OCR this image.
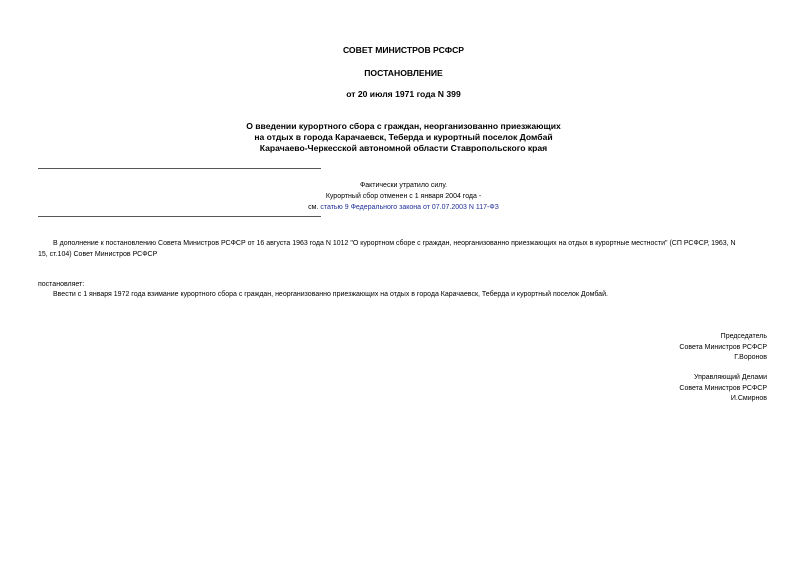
СОВЕТ МИНИСТРОВ РСФСР
ПОСТАНОВЛЕНИЕ
от 20 июля 1971 года N 399
О введении курортного сбора с граждан, неорганизованно приезжающих
на отдых в города Карачаевск, Теберда и курортный поселок Домбай
Карачаево-Черкесской автономной области Ставропольского края
Фактически утратило силу.
Курортный сбор отменен с 1 января 2004 года -
см. статью 9 Федерального закона от 07.07.2003 N 117-ФЗ
В дополнение к постановлению Совета Министров РСФСР от 16 августа 1963 года N 1012 "О курортном сборе с граждан, неорганизованно приезжающих на отдых в курортные местности" (СП РСФСР, 1963, N
15, ст.104) Совет Министров РСФСР
постановляет:
Ввести с 1 января 1972 года взимание курортного сбора с граждан, неорганизованно приезжающих на отдых в города Карачаевск, Теберда и курортный поселок Домбай.
Председатель
Совета Министров РСФСР
Г.Воронов
Управляющий Делами
Совета Министров РСФСР
И.Смирнов
